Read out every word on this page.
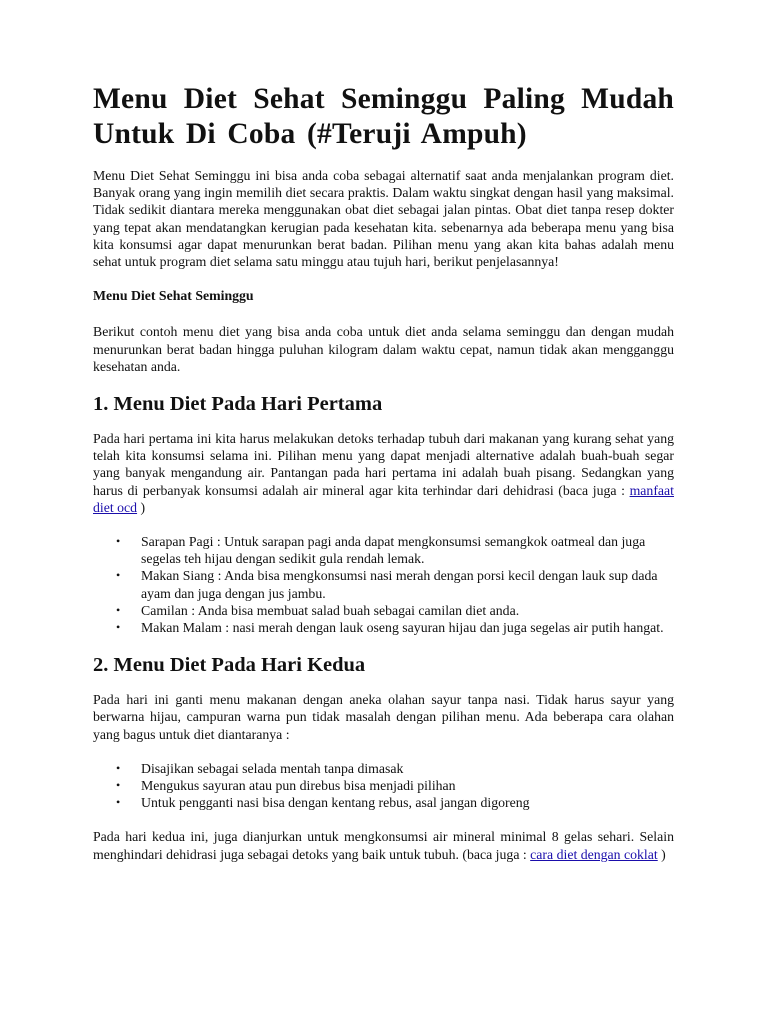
Menu Diet Sehat Seminggu Paling Mudah Untuk Di Coba (#Teruji Ampuh)

Menu Diet Sehat Seminggu ini bisa anda coba sebagai alternatif saat anda menjalankan program diet. Banyak orang yang ingin memilih diet secara praktis. Dalam waktu singkat dengan hasil yang maksimal. Tidak sedikit diantara mereka menggunakan obat diet sebagai jalan pintas. Obat diet tanpa resep dokter yang tepat akan mendatangkan kerugian pada kesehatan kita. sebenarnya ada beberapa menu yang bisa kita konsumsi agar dapat menurunkan berat badan. Pilihan menu yang akan kita bahas adalah menu sehat untuk program diet selama satu minggu atau tujuh hari, berikut penjelasannya!

Menu Diet Sehat Seminggu

Berikut contoh menu diet yang bisa anda coba untuk diet anda selama seminggu dan dengan mudah menurunkan berat badan hingga puluhan kilogram dalam waktu cepat, namun tidak akan mengganggu kesehatan anda.

1. Menu Diet Pada Hari Pertama

Pada hari pertama ini kita harus melakukan detoks terhadap tubuh dari makanan yang kurang sehat yang telah kita konsumsi selama ini. Pilihan menu yang dapat menjadi alternative adalah buah-buah segar yang banyak mengandung air. Pantangan pada hari pertama ini adalah buah pisang. Sedangkan yang harus di perbanyak konsumsi adalah air mineral agar kita terhindar dari dehidrasi (baca juga : manfaat diet ocd )

• Sarapan Pagi : Untuk sarapan pagi anda dapat mengkonsumsi semangkok oatmeal dan juga segelas teh hijau dengan sedikit gula rendah lemak.
• Makan Siang : Anda bisa mengkonsumsi nasi merah dengan porsi kecil dengan lauk sup dada ayam dan juga dengan jus jambu.
• Camilan : Anda bisa membuat salad buah sebagai camilan diet anda.
• Makan Malam : nasi merah dengan lauk oseng sayuran hijau dan juga segelas air putih hangat.
2. Menu Diet Pada Hari Kedua

Pada hari ini ganti menu makanan dengan aneka olahan sayur tanpa nasi. Tidak harus sayur yang berwarna hijau, campuran warna pun tidak masalah dengan pilihan menu. Ada beberapa cara olahan yang bagus untuk diet diantaranya :

• Disajikan sebagai selada mentah tanpa dimasak
• Mengukus sayuran atau pun direbus bisa menjadi pilihan
• Untuk pengganti nasi bisa dengan kentang rebus, asal jangan digoreng

Pada hari kedua ini, juga dianjurkan untuk mengkonsumsi air mineral minimal 8 gelas sehari. Selain menghindari dehidrasi juga sebagai detoks yang baik untuk tubuh. (baca juga : cara diet dengan coklat )
